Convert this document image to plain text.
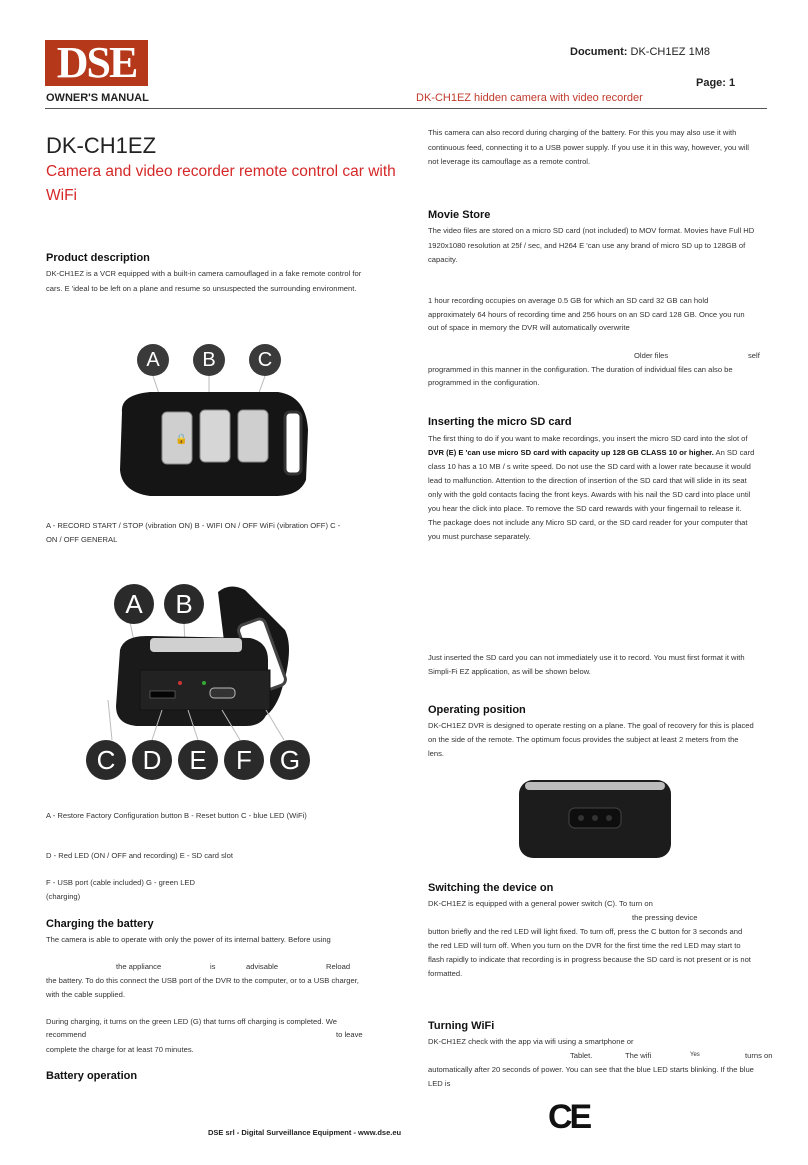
DSE
OWNER'S MANUAL
Document: DK-CH1EZ 1M8
Page: 1
DK-CH1EZ hidden camera with video recorder
DK-CH1EZ
Camera and video recorder remote control car with
WiFi
Product description
DK-CH1EZ is a VCR equipped with a built-in camera camouflaged in a fake remote control for
cars. E 'ideal to be left on a plane and resume so unsuspected the surrounding environment.
🔒
A	B	C
A - RECORD START / STOP (vibration ON) B - WIFI ON / OFF WiFi (vibration OFF) C -
ON / OFF GENERAL
A	B
C	D	E	F	G
A - Restore Factory Configuration button B - Reset button C - blue LED (WiFi)
D - Red LED (ON / OFF and recording) E - SD card slot
F - USB port (cable included) G - green LED
(charging)
Charging the battery
The camera is able to operate with only the power of its internal battery. Before using
the appliance	is	advisable	Reload
the battery. To do this connect the USB port of the DVR to the computer, or to a USB charger,
with the cable supplied.
During charging, it turns on the green LED (G) that turns off charging is completed. We
recommend	to leave
complete the charge for at least 70 minutes.
Battery operation
This camera can also record during charging of the battery. For this you may also use it with
continuous feed, connecting it to a USB power supply. If you use it in this way, however, you will
not leverage its camouflage as a remote control.
Movie Store
The video files are stored on a micro SD card (not included) to MOV format. Movies have Full HD
1920x1080 resolution at 25f / sec, and H264 E 'can use any brand of micro SD up to 128GB of
capacity.
1 hour recording occupies on average 0.5 GB for which an SD card 32 GB can hold
approximately 64 hours of recording time and 256 hours on an SD card 128 GB. Once you run
out of space in memory the DVR will automatically overwrite
Older files	self
programmed in this manner in the configuration. The duration of individual files can also be
programmed in the configuration.
Inserting the micro SD card
The first thing to do if you want to make recordings, you insert the micro SD card into the slot of
DVR (E) E 'can use micro SD card with capacity up 128 GB CLASS 10 or higher. An SD card
class 10 has a 10 MB / s write speed. Do not use the SD card with a lower rate because it would
lead to malfunction. Attention to the direction of insertion of the SD card that will slide in its seat
only with the gold contacts facing the front keys. Awards with his nail the SD card into place until
you hear the click into place. To remove the SD card rewards with your fingernail to release it.
The package does not include any Micro SD card, or the SD card reader for your computer that
you must purchase separately.
Just inserted the SD card you can not immediately use it to record. You must first format it with
Simpli-Fi EZ application, as will be shown below.
Operating position
DK-CH1EZ DVR is designed to operate resting on a plane. The goal of recovery for this is placed
on the side of the remote. The optimum focus provides the subject at least 2 meters from the
lens.
Switching the device on
DK-CH1EZ is equipped with a general power switch (C). To turn on
the pressing device
button briefly and the red LED will light fixed. To turn off, press the C button for 3 seconds and
the red LED will turn off. When you turn on the DVR for the first time the red LED may start to
flash rapidly to indicate that recording is in progress because the SD card is not present or is not
formatted.
Turning WiFi
DK-CH1EZ check with the app via wifi using a smartphone or
Tablet.	The wifi	Yes	turns on
automatically after 20 seconds of power. You can see that the blue LED starts blinking. If the blue
LED is
CE
DSE srl - Digital Surveillance Equipment - www.dse.eu
